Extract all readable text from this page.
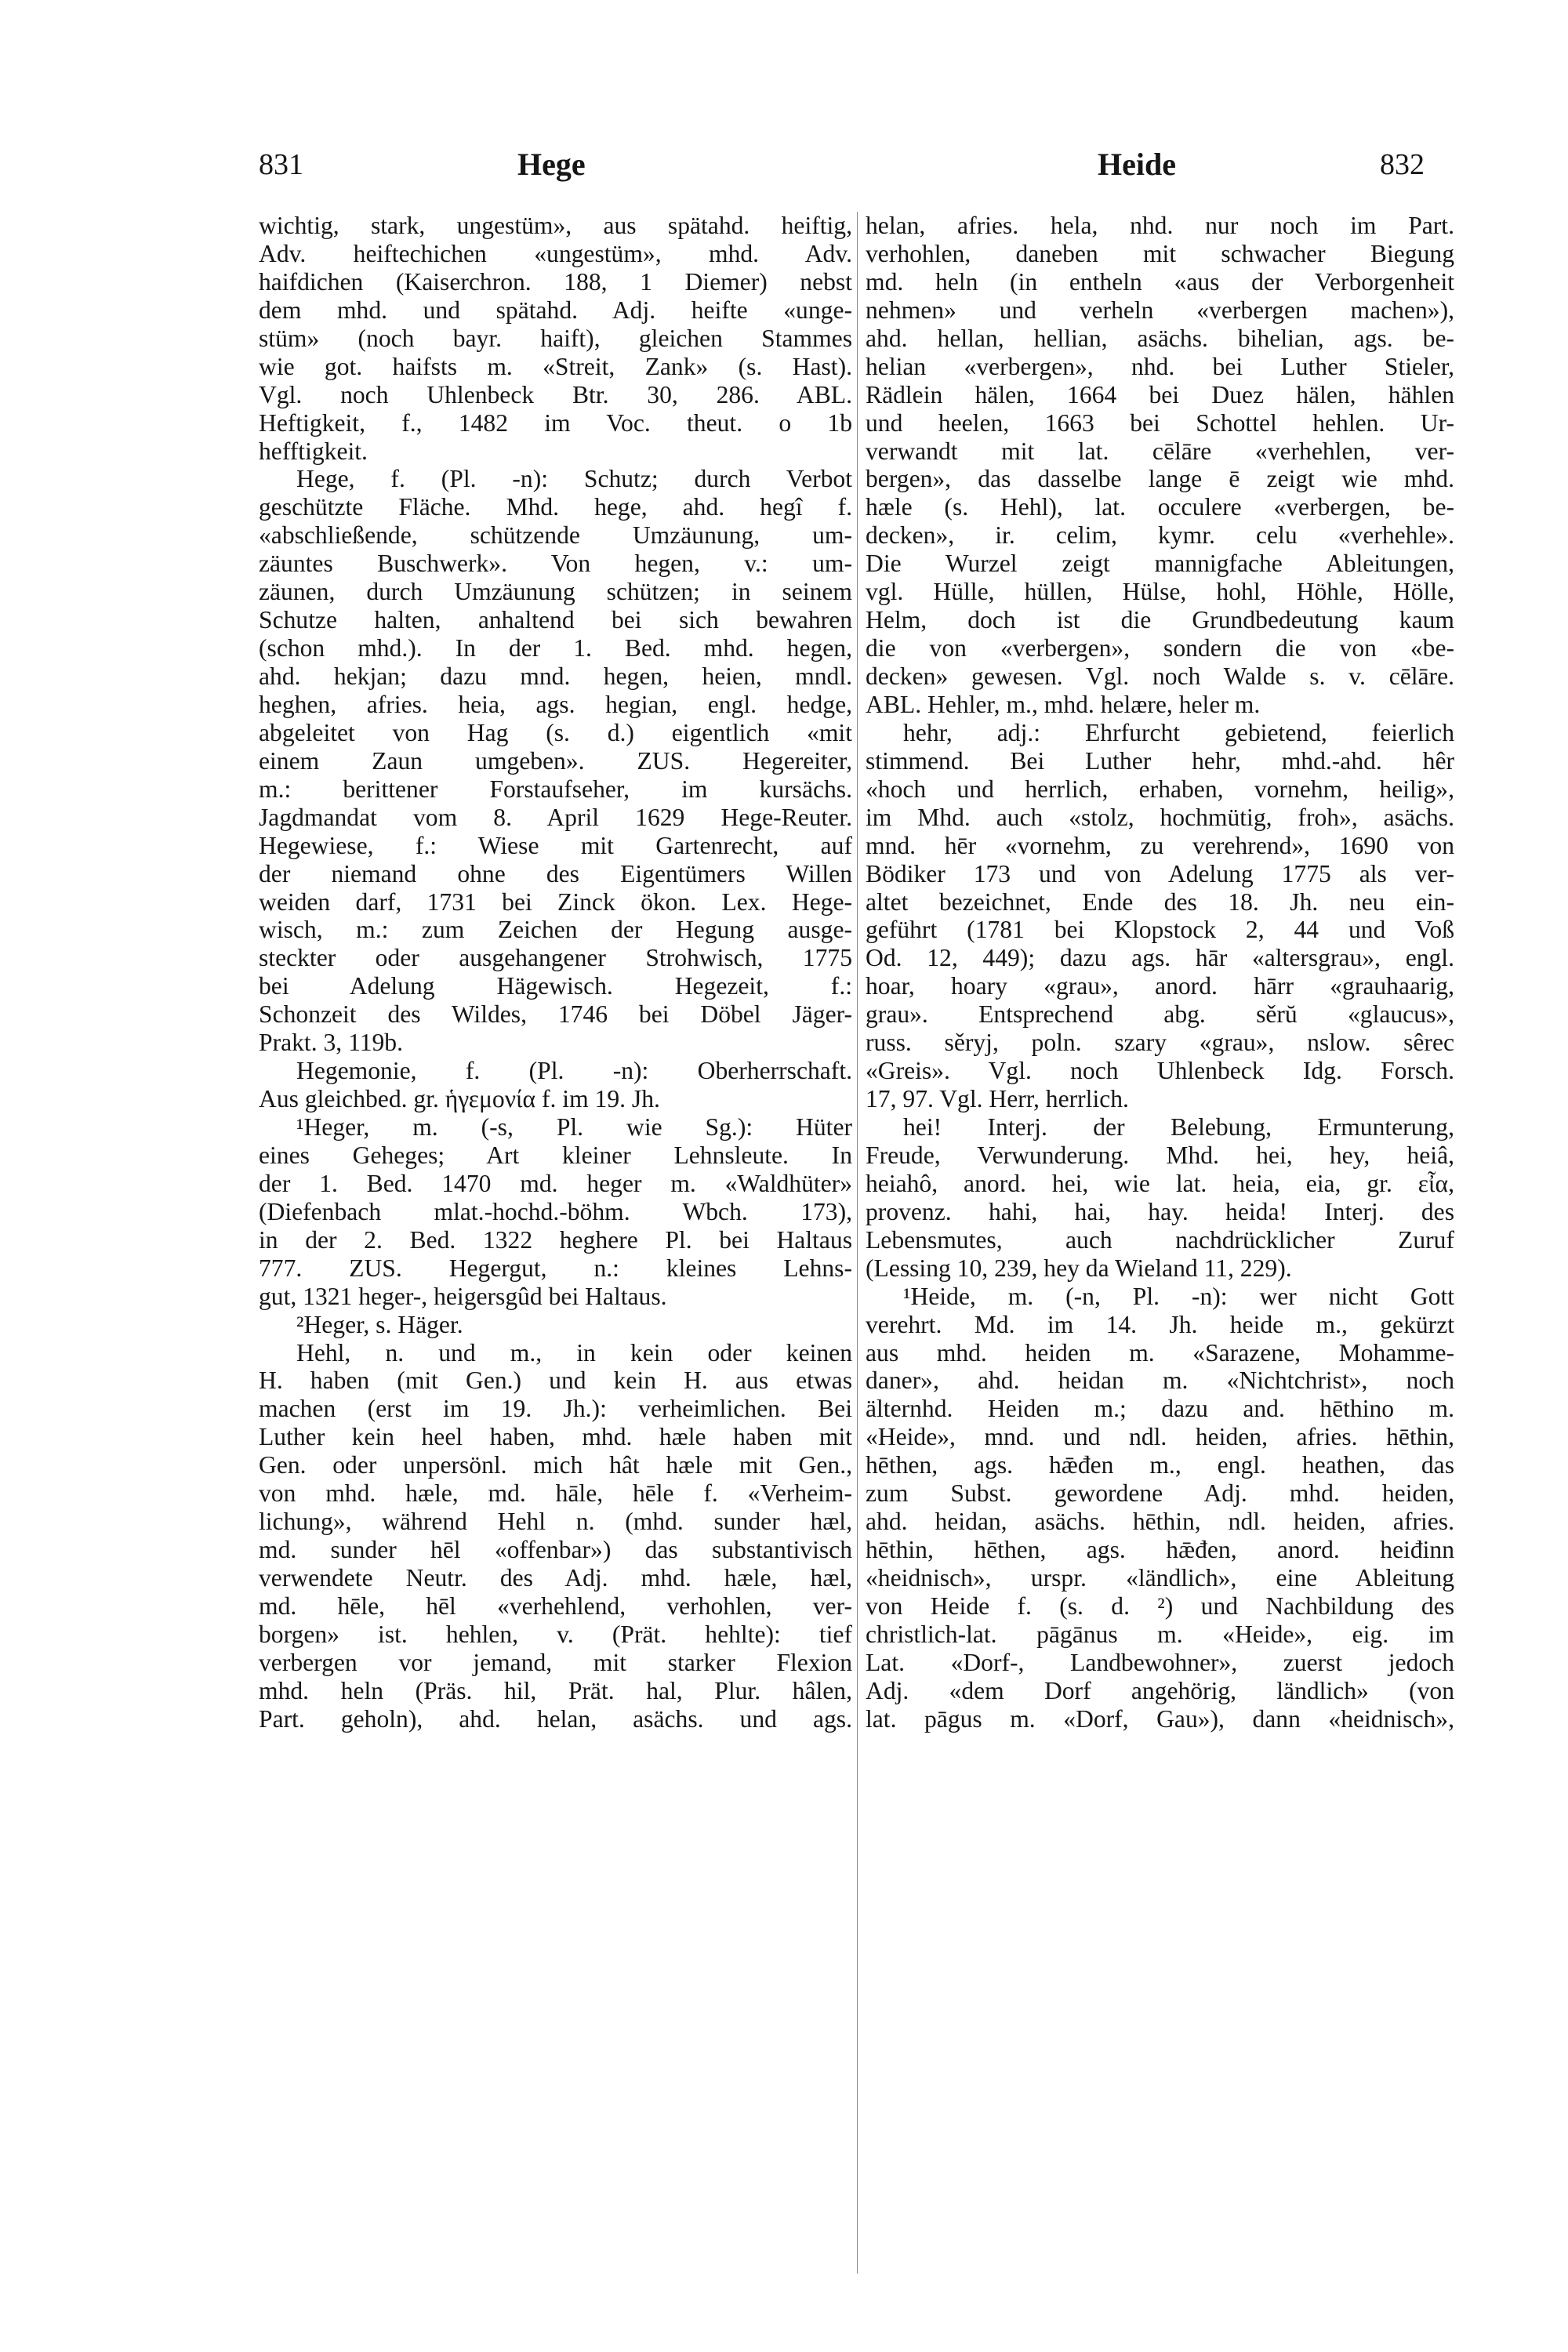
831	Hege	Heide	832
wichtig, stark, ungestüm», aus spätahd. heiftig,
Adv. heiftechichen «ungestüm», mhd. Adv.
haifdichen (Kaiserchron. 188, 1 Diemer) nebst
dem mhd. und spätahd. Adj. heifte «unge-
stüm» (noch bayr. haift), gleichen Stammes
wie got. haifsts m. «Streit, Zank» (s. Hast).
Vgl. noch Uhlenbeck Btr. 30, 286. ABL.
Heftigkeit, f., 1482 im Voc. theut. o 1b
hefftigkeit.
Hege, f. (Pl. -n): Schutz; durch Verbot
geschützte Fläche. Mhd. hege, ahd. hegî f.
«abschließende, schützende Umzäunung, um-
zäuntes Buschwerk». Von hegen, v.: um-
zäunen, durch Umzäunung schützen; in seinem
Schutze halten, anhaltend bei sich bewahren
(schon mhd.). In der 1. Bed. mhd. hegen,
ahd. hekjan; dazu mnd. hegen, heien, mndl.
heghen, afries. heia, ags. hegian, engl. hedge,
abgeleitet von Hag (s. d.) eigentlich «mit
einem Zaun umgeben». ZUS. Hegereiter,
m.: berittener Forstaufseher, im kursächs.
Jagdmandat vom 8. April 1629 Hege-Reuter.
Hegewiese, f.: Wiese mit Gartenrecht, auf
der niemand ohne des Eigentümers Willen
weiden darf, 1731 bei Zinck ökon. Lex. Hege-
wisch, m.: zum Zeichen der Hegung ausge-
steckter oder ausgehangener Strohwisch, 1775
bei Adelung Hägewisch. Hegezeit, f.:
Schonzeit des Wildes, 1746 bei Döbel Jäger-
Prakt. 3, 119b.
Hegemonie, f. (Pl. -n): Oberherrschaft.
Aus gleichbed. gr. ἡγεμονία f. im 19. Jh.
¹Heger, m. (-s, Pl. wie Sg.): Hüter
eines Geheges; Art kleiner Lehnsleute. In
der 1. Bed. 1470 md. heger m. «Waldhüter»
(Diefenbach mlat.-hochd.-böhm. Wbch. 173),
in der 2. Bed. 1322 heghere Pl. bei Haltaus
777. ZUS. Hegergut, n.: kleines Lehns-
gut, 1321 heger-, heigersgûd bei Haltaus.
²Heger, s. Häger.
Hehl, n. und m., in kein oder keinen
H. haben (mit Gen.) und kein H. aus etwas
machen (erst im 19. Jh.): verheimlichen. Bei
Luther kein heel haben, mhd. hæle haben mit
Gen. oder unpersönl. mich hât hæle mit Gen.,
von mhd. hæle, md. hāle, hēle f. «Verheim-
lichung», während Hehl n. (mhd. sunder hæl,
md. sunder hēl «offenbar») das substantivisch
verwendete Neutr. des Adj. mhd. hæle, hæl,
md. hēle, hēl «verhehlend, verhohlen, ver-
borgen» ist. hehlen, v. (Prät. hehlte): tief
verbergen vor jemand, mit starker Flexion
mhd. heln (Präs. hil, Prät. hal, Plur. hâlen,
Part. geholn), ahd. helan, asächs. und ags.
helan, afries. hela, nhd. nur noch im Part.
verhohlen, daneben mit schwacher Biegung
md. heln (in entheln «aus der Verborgenheit
nehmen» und verheln «verbergen machen»),
ahd. hellan, hellian, asächs. bihelian, ags. be-
helian «verbergen», nhd. bei Luther Stieler,
Rädlein hälen, 1664 bei Duez hälen, hählen
und heelen, 1663 bei Schottel hehlen. Ur-
verwandt mit lat. cēlāre «verhehlen, ver-
bergen», das dasselbe lange ē zeigt wie mhd.
hæle (s. Hehl), lat. occulere «verbergen, be-
decken», ir. celim, kymr. celu «verhehle».
Die Wurzel zeigt mannigfache Ableitungen,
vgl. Hülle, hüllen, Hülse, hohl, Höhle, Hölle,
Helm, doch ist die Grundbedeutung kaum
die von «verbergen», sondern die von «be-
decken» gewesen. Vgl. noch Walde s. v. cēlāre.
ABL. Hehler, m., mhd. helære, heler m.
hehr, adj.: Ehrfurcht gebietend, feierlich
stimmend. Bei Luther hehr, mhd.-ahd. hêr
«hoch und herrlich, erhaben, vornehm, heilig»,
im Mhd. auch «stolz, hochmütig, froh», asächs.
mnd. hēr «vornehm, zu verehrend», 1690 von
Bödiker 173 und von Adelung 1775 als ver-
altet bezeichnet, Ende des 18. Jh. neu ein-
geführt (1781 bei Klopstock 2, 44 und Voß
Od. 12, 449); dazu ags. hār «altersgrau», engl.
hoar, hoary «grau», anord. hārr «grauhaarig,
grau». Entsprechend abg. sěrŭ «glaucus»,
russ. sěryj, poln. szary «grau», nslow. sêrec
«Greis». Vgl. noch Uhlenbeck Idg. Forsch.
17, 97. Vgl. Herr, herrlich.
hei! Interj. der Belebung, Ermunterung,
Freude, Verwunderung. Mhd. hei, hey, heiâ,
heiahô, anord. hei, wie lat. heia, eia, gr. εἶα,
provenz. hahi, hai, hay. heida! Interj. des
Lebensmutes, auch nachdrücklicher Zuruf
(Lessing 10, 239, hey da Wieland 11, 229).
¹Heide, m. (-n, Pl. -n): wer nicht Gott
verehrt. Md. im 14. Jh. heide m., gekürzt
aus mhd. heiden m. «Sarazene, Mohamme-
daner», ahd. heidan m. «Nichtchrist», noch
älternhd. Heiden m.; dazu and. hēthino m.
«Heide», mnd. und ndl. heiden, afries. hēthin,
hēthen, ags. hǣđen m., engl. heathen, das
zum Subst. gewordene Adj. mhd. heiden,
ahd. heidan, asächs. hēthin, ndl. heiden, afries.
hēthin, hēthen, ags. hǣđen, anord. heiđinn
«heidnisch», urspr. «ländlich», eine Ableitung
von Heide f. (s. d. ²) und Nachbildung des
christlich-lat. pāgānus m. «Heide», eig. im
Lat. «Dorf-, Landbewohner», zuerst jedoch
Adj. «dem Dorf angehörig, ländlich» (von
lat. pāgus m. «Dorf, Gau»), dann «heidnisch»,
